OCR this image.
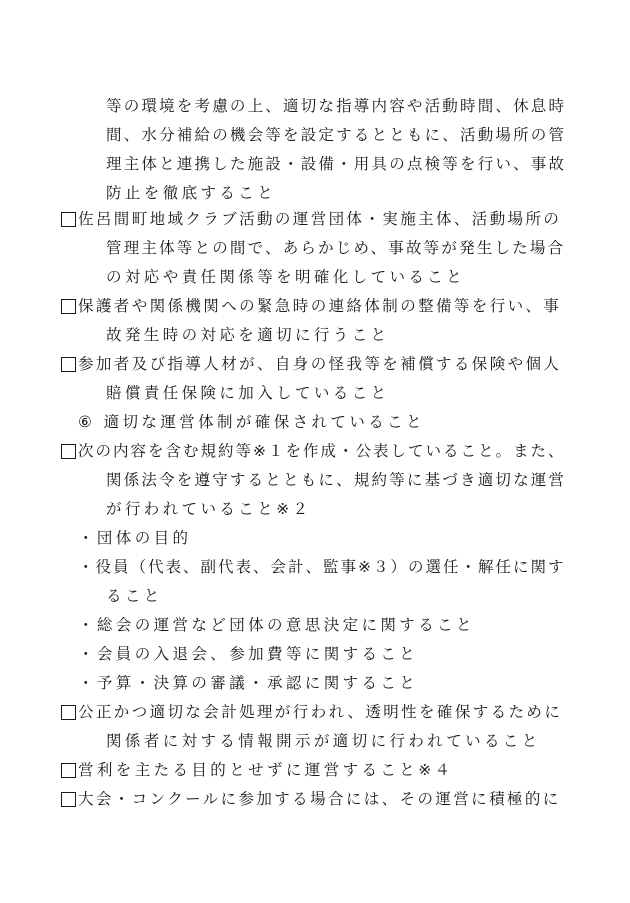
等の環境を考慮の上、適切な指導内容や活動時間、休息時
間、水分補給の機会等を設定するとともに、活動場所の管
理主体と連携した施設・設備・用具の点検等を行い、事故
防止を徹底すること
佐呂間町地域クラブ活動の運営団体・実施主体、活動場所の
管理主体等との間で、あらかじめ、事故等が発生した場合
の対応や責任関係等を明確化していること
保護者や関係機関への緊急時の連絡体制の整備等を行い、事
故発生時の対応を適切に行うこと
参加者及び指導人材が、自身の怪我等を補償する保険や個人
賠償責任保険に加入していること
⑥ 適切な運営体制が確保されていること
次の内容を含む規約等※１を作成・公表していること。また、
関係法令を遵守するとともに、規約等に基づき適切な運営
が行われていること※２
・団体の目的
・役員（代表、副代表、会計、監事※３）の選任・解任に関す
ること
・総会の運営など団体の意思決定に関すること
・会員の入退会、参加費等に関すること
・予算・決算の審議・承認に関すること
公正かつ適切な会計処理が行われ、透明性を確保するために
関係者に対する情報開示が適切に行われていること
営利を主たる目的とせずに運営すること※４
大会・コンクールに参加する場合には、その運営に積極的に
